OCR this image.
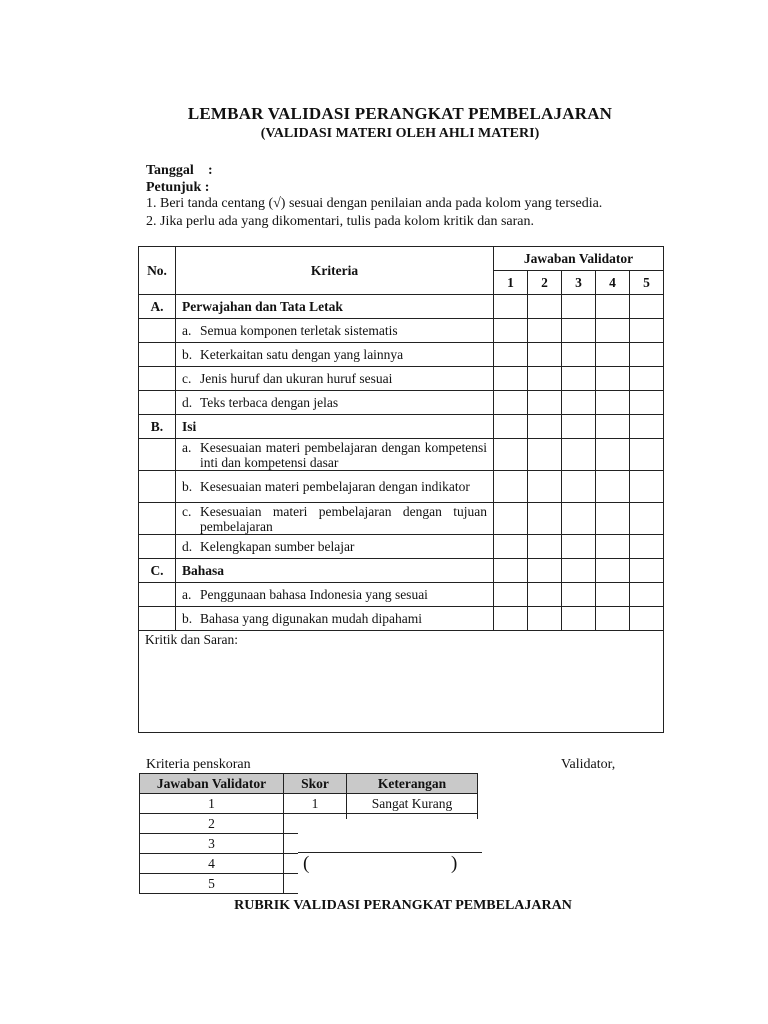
LEMBAR VALIDASI PERANGKAT PEMBELAJARAN
(VALIDASI MATERI OLEH AHLI MATERI)
Tanggal :
Petunjuk :
1. Beri tanda centang (√) sesuai dengan penilaian anda pada kolom yang tersedia.
2. Jika perlu ada yang dikomentari, tulis pada kolom kritik dan saran.
No.	Kriteria	Jawaban Validator				
		1	2	3	4	5
A.	Perwajahan dan Tata Letak					

	a. Semua komponen terletak sistematis					

	b. Keterkaitan satu dengan yang lainnya					

	c. Jenis huruf dan ukuran huruf sesuai					

	d. Teks terbaca dengan jelas					

B.	Isi					

	a. Kesesuaian materi pembelajaran dengan kompetensi inti dan kompetensi dasar					

	b. Kesesuaian materi pembelajaran dengan indikator					

	c. Kesesuaian materi pembelajaran dengan tujuan pembelajaran					

	d. Kelengkapan sumber belajar					

C.	Bahasa					

	a. Penggunaan bahasa Indonesia yang sesuai					

	b. Bahasa yang digunakan mudah dipahami					

Kritik dan Saran:						
Kriteria penskoran	Validator,
Jawaban Validator	Skor	Keterangan
1	1	Sangat Kurang
2		
3		
4		
5		
(	)
RUBRIK VALIDASI PERANGKAT PEMBELAJARAN
